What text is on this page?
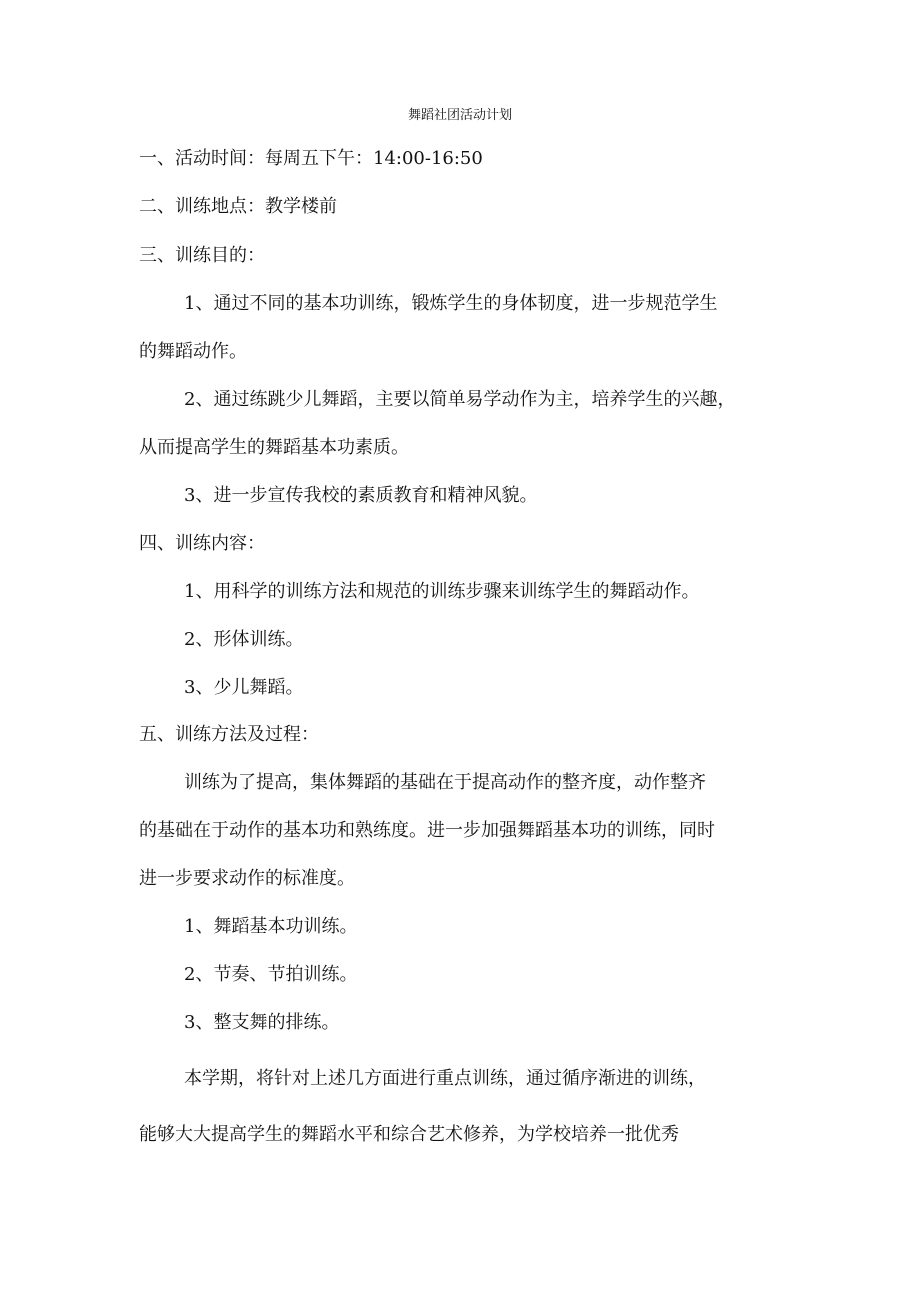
舞蹈社团活动计划
一、活动时间：每周五下午：14:00-16:50
二、训练地点：教学楼前
三、训练目的：
1、通过不同的基本功训练，锻炼学生的身体韧度，进一步规范学生
的舞蹈动作。
2、通过练跳少儿舞蹈，主要以简单易学动作为主，培养学生的兴趣，
从而提高学生的舞蹈基本功素质。
3、进一步宣传我校的素质教育和精神风貌。
四、训练内容：
1、用科学的训练方法和规范的训练步骤来训练学生的舞蹈动作。
2、形体训练。
3、少儿舞蹈。
五、训练方法及过程：
训练为了提高，集体舞蹈的基础在于提高动作的整齐度，动作整齐
的基础在于动作的基本功和熟练度。进一步加强舞蹈基本功的训练，同时
进一步要求动作的标准度。
1、舞蹈基本功训练。
2、节奏、节拍训练。
3、整支舞的排练。
本学期，将针对上述几方面进行重点训练，通过循序渐进的训练，
能够大大提高学生的舞蹈水平和综合艺术修养，为学校培养一批优秀
